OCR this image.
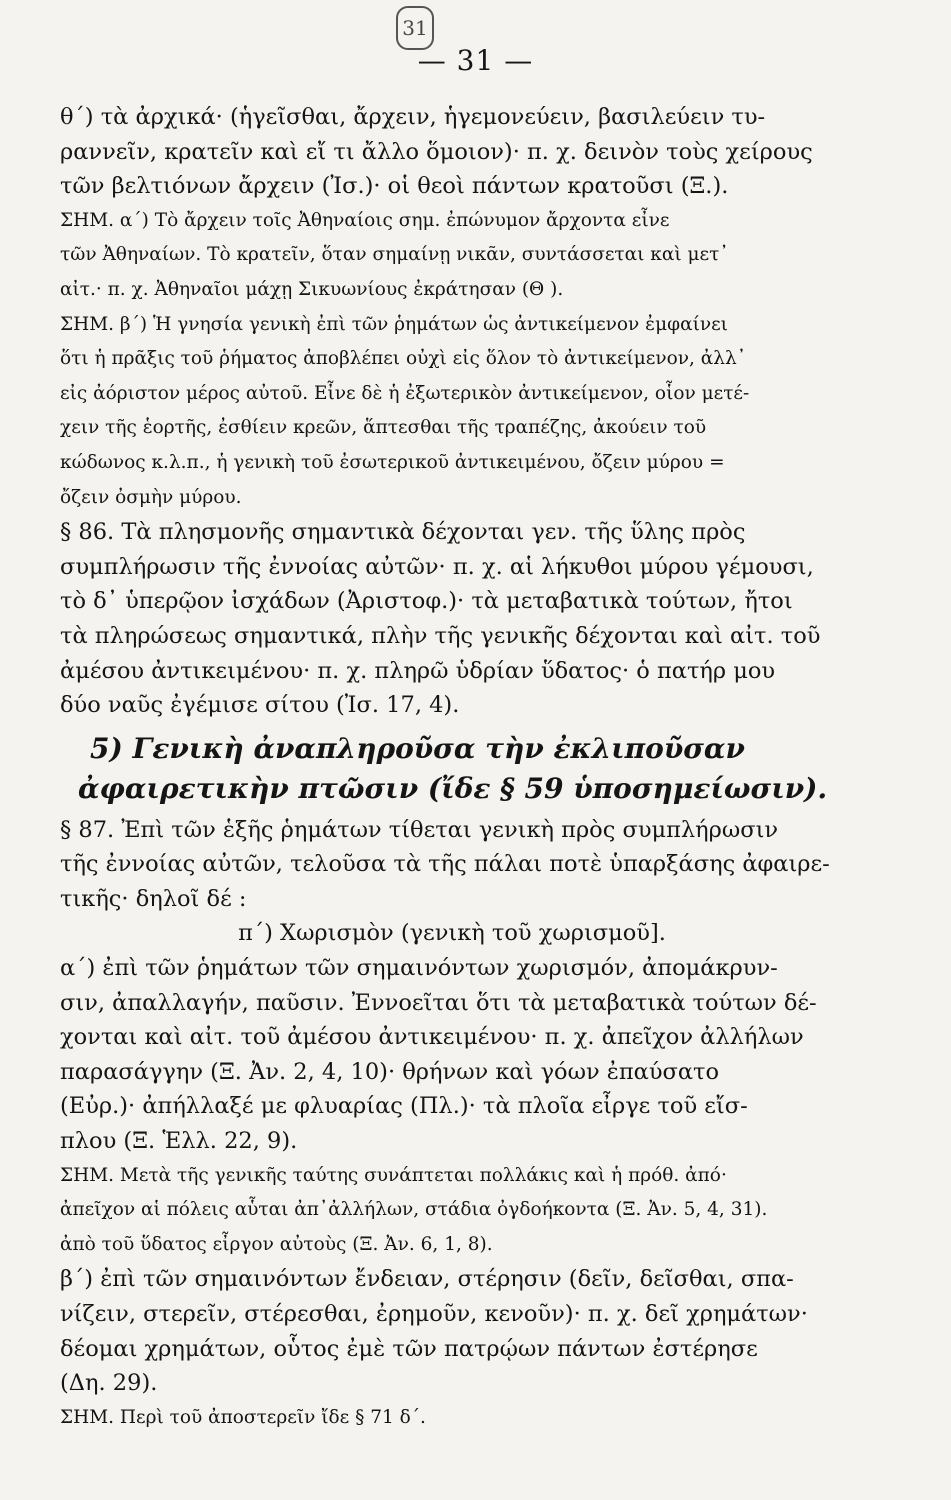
31
— 31 —
θ΄) τὰ ἀρχικά· (ἡγεῖσθαι, ἄρχειν, ἡγεμονεύειν, βασιλεύειν τυ-
ραννεῖν, κρατεῖν καὶ εἴ τι ἄλλο ὅμοιον)· π. χ. δεινὸν τοὺς χείρους
τῶν βελτιόνων ἄρχειν (Ἰσ.)· οἱ θεοὶ πάντων κρατοῦσι (Ξ.).
ΣΗΜ. α΄) Τὸ ἄρχειν τοῖς Ἀθηναίοις σημ. ἐπώνυμον ἄρχοντα εἶνε
τῶν Ἀθηναίων. Τὸ κρατεῖν, ὅταν σημαίνῃ νικᾶν, συντάσσεται καὶ μετ᾽
αἰτ.· π. χ. Ἀθηναῖοι μάχῃ Σικυωνίους ἐκράτησαν (Θ ).
ΣΗΜ. β΄) Ἡ γνησία γενικὴ ἐπὶ τῶν ῥημάτων ὡς ἀντικείμενον ἐμφαίνει
ὅτι ἡ πρᾶξις τοῦ ῥήματος ἀποβλέπει οὐχὶ εἰς ὅλον τὸ ἀντικείμενον, ἀλλ᾽
εἰς ἀόριστον μέρος αὐτοῦ. Εἶνε δὲ ἡ ἐξωτερικὸν ἀντικείμενον, οἷον μετέ-
χειν τῆς ἑορτῆς, ἐσθίειν κρεῶν, ἅπτεσθαι τῆς τραπέζης, ἀκούειν τοῦ
κώδωνος κ.λ.π., ἡ γενικὴ τοῦ ἐσωτερικοῦ ἀντικειμένου, ὄζειν μύρου =
ὄζειν ὀσμὴν μύρου.
§ 86. Τὰ πλησμονῆς σημαντικὰ δέχονται γεν. τῆς ὕλης πρὸς
συμπλήρωσιν τῆς ἐννοίας αὐτῶν· π. χ. αἱ λήκυθοι μύρου γέμουσι,
τὸ δ᾽ ὑπερῷον ἰσχάδων (Ἀριστοφ.)· τὰ μεταβατικὰ τούτων, ἤτοι
τὰ πληρώσεως σημαντικά, πλὴν τῆς γενικῆς δέχονται καὶ αἰτ. τοῦ
ἀμέσου ἀντικειμένου· π. χ. πληρῶ ὑδρίαν ὕδατος· ὁ πατήρ μου
δύο ναῦς ἐγέμισε σίτου (Ἰσ. 17, 4).
5) Γενικὴ ἀναπληροῦσα τὴν ἐκλιποῦσαν
ἀφαιρετικὴν πτῶσιν (ἴδε § 59 ὑποσημείωσιν).
§ 87. Ἐπὶ τῶν ἑξῆς ῥημάτων τίθεται γενικὴ πρὸς συμπλήρωσιν
τῆς ἐννοίας αὐτῶν, τελοῦσα τὰ τῆς πάλαι ποτὲ ὑπαρξάσης ἀφαιρε-
τικῆς· δηλοῖ δέ :
π΄) Χωρισμὸν (γενικὴ τοῦ χωρισμοῦ].
α΄) ἐπὶ τῶν ῥημάτων τῶν σημαινόντων χωρισμόν, ἀπομάκρυν-
σιν, ἀπαλλαγήν, παῦσιν. Ἐννοεῖται ὅτι τὰ μεταβατικὰ τούτων δέ-
χονται καὶ αἰτ. τοῦ ἀμέσου ἀντικειμένου· π. χ. ἀπεῖχον ἀλλήλων
παρασάγγην (Ξ. Ἀν. 2, 4, 10)· θρήνων καὶ γόων ἐπαύσατο
(Εὐρ.)· ἀπήλλαξέ με φλυαρίας (Πλ.)· τὰ πλοῖα εἶργε τοῦ εἴσ-
πλου (Ξ. Ἑλλ. 22, 9).
ΣΗΜ. Μετὰ τῆς γενικῆς ταύτης συνάπτεται πολλάκις καὶ ἡ πρόθ. ἀπό·
ἀπεῖχον αἱ πόλεις αὗται ἀπ᾽ἀλλήλων, στάδια ὀγδοήκοντα (Ξ. Ἀν. 5, 4, 31).
ἀπὸ τοῦ ὕδατος εἶργον αὐτοὺς (Ξ. Ἀν. 6, 1, 8).
β΄) ἐπὶ τῶν σημαινόντων ἔνδειαν, στέρησιν (δεῖν, δεῖσθαι, σπα-
νίζειν, στερεῖν, στέρεσθαι, ἐρημοῦν, κενοῦν)· π. χ. δεῖ χρημάτων·
δέομαι χρημάτων, οὗτος ἐμὲ τῶν πατρῴων πάντων ἐστέρησε
(Δη. 29).
ΣΗΜ. Περὶ τοῦ ἀποστερεῖν ἴδε § 71 δ΄.
